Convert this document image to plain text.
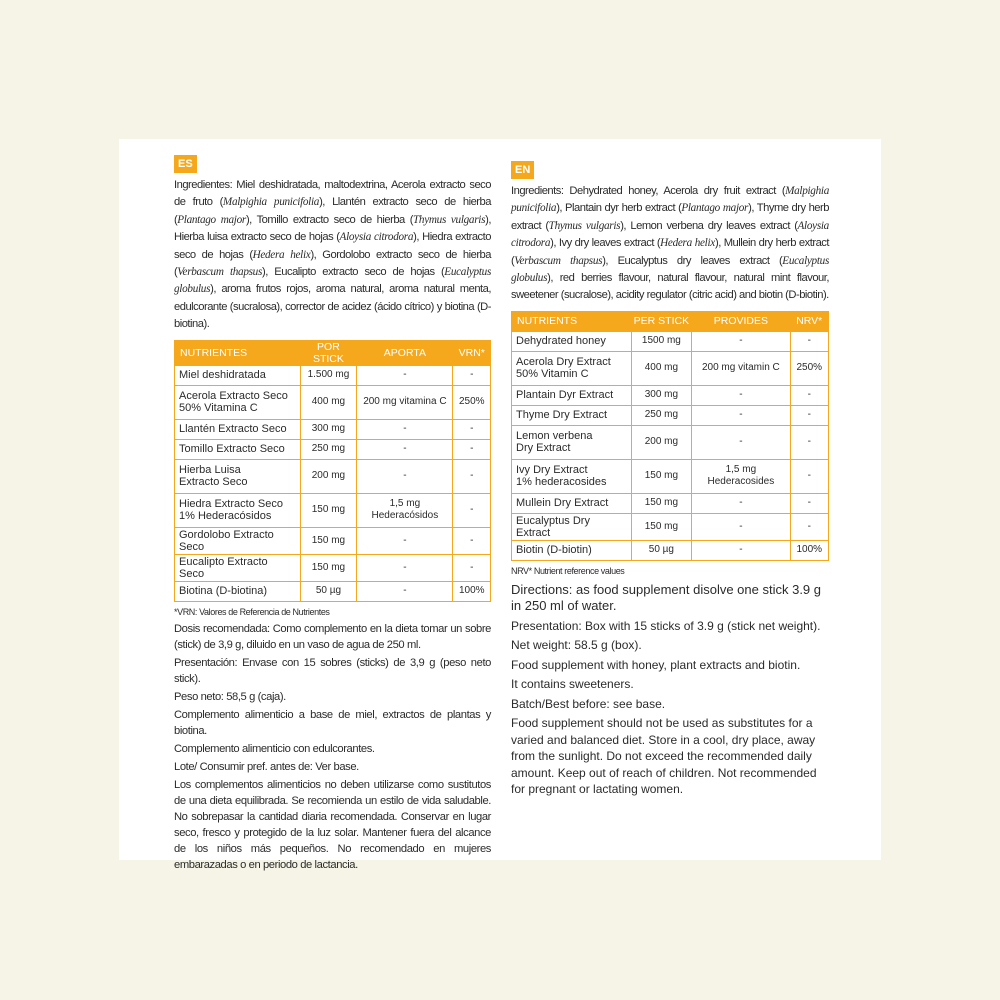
ES

Ingredientes: Miel deshidratada, maltodextrina, Acerola extracto seco de fruto (Malpighia punicifolia), Llantén extracto seco de hierba (Plantago major), Tomillo extracto seco de hierba (Thymus vulgaris), Hierba luisa extracto seco de hojas (Aloysia citrodora), Hiedra extracto seco de hojas (Hedera helix), Gordolobo extracto seco de hierba (Verbascum thapsus), Eucalipto extracto seco de hojas (Eucalyptus globulus), aroma frutos rojos, aroma natural, aroma natural menta, edulcorante (sucralosa), corrector de acidez (ácido cítrico) y biotina (D-biotina).

NUTRIENTES	POR STICK	APORTA	VRN*
Miel deshidratada	1.500 mg	-	-
Acerola Extracto Seco
50% Vitamina C	400 mg	200 mg vitamina C	250%
Llantén Extracto Seco	300 mg	-	-
Tomillo Extracto Seco	250 mg	-	-
Hierba Luisa
Extracto Seco	200 mg	-	-
Hiedra Extracto Seco
1% Hederacósidos	150 mg	1,5 mg Hederacósidos	-
Gordolobo Extracto Seco	150 mg	-	-
Eucalipto Extracto Seco	150 mg	-	-
Biotina (D-biotina)	50 µg	-	100%
*VRN: Valores de Referencia de Nutrientes

Dosis recomendada: Como complemento en la dieta tomar un sobre (stick) de 3,9 g, diluido en un vaso de agua de 250 ml.

Presentación: Envase con 15 sobres (sticks) de 3,9 g (peso neto stick).

Peso neto: 58,5 g (caja).

Complemento alimenticio a base de miel, extractos de plantas y biotina.

Complemento alimenticio con edulcorantes.

Lote/ Consumir pref. antes de: Ver base.

Los complementos alimenticios no deben utilizarse como sustitutos de una dieta equilibrada. Se recomienda un estilo de vida saludable. No sobrepasar la cantidad diaria recomendada. Conservar en lugar seco, fresco y protegido de la luz solar. Mantener fuera del alcance de los niños más pequeños. No recomendado en mujeres embarazadas o en periodo de lactancia.

EN

Ingredients: Dehydrated honey, Acerola dry fruit extract (Malpighia punicifolia), Plantain dyr herb extract (Plantago major), Thyme dry herb extract (Thymus vulgaris), Lemon verbena dry leaves extract (Aloysia citrodora), Ivy dry leaves extract (Hedera helix), Mullein dry herb extract (Verbascum thapsus), Eucalyptus dry leaves extract (Eucalyptus globulus), red berries flavour, natural flavour, natural mint flavour, sweetener (sucralose), acidity regulator (citric acid) and biotin (D-biotin).

NUTRIENTS	PER STICK	PROVIDES	NRV*
Dehydrated honey	1500 mg	-	-
Acerola Dry Extract
50% Vitamin C	400 mg	200 mg vitamin C	250%
Plantain Dyr Extract	300 mg	-	-
Thyme Dry Extract	250 mg	-	-
Lemon verbena
Dry Extract	200 mg	-	-
Ivy Dry Extract
1% hederacosides	150 mg	1,5 mg Hederacosides	-
Mullein Dry Extract	150 mg	-	-
Eucalyptus Dry Extract	150 mg	-	-
Biotin (D-biotin)	50 µg	-	100%
NRV* Nutrient reference values

Directions: as food supplement disolve one stick 3.9 g in 250 ml of water.

Presentation: Box with 15 sticks of 3.9 g (stick net weight).

Net weight: 58.5 g (box).

Food supplement with honey, plant extracts and biotin.

It contains sweeteners.

Batch/Best before: see base.

Food supplement should not be used as substitutes for a varied and balanced diet. Store in a cool, dry place, away from the sunlight. Do not exceed the recommended daily amount. Keep out of reach of children. Not recommended for pregnant or lactating women.
